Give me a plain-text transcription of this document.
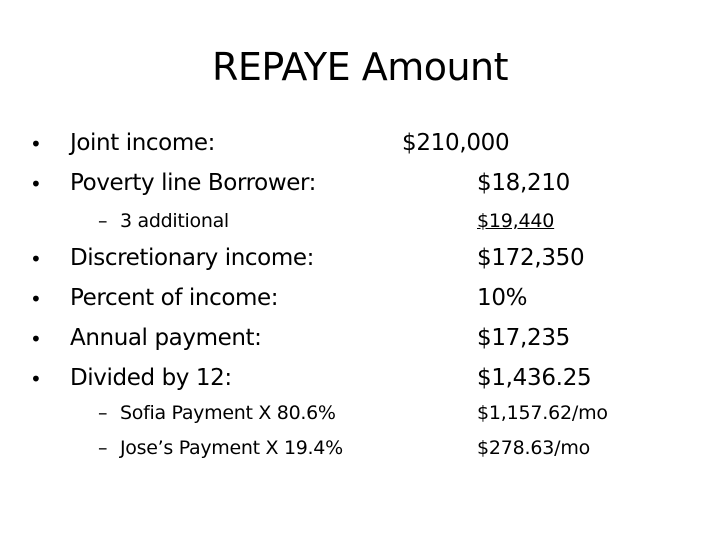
REPAYE Amount
• Joint income:	$210,000
• Poverty line Borrower:	$18,210
– 3 additional	$19,440
• Discretionary income:	$172,350
• Percent of income:	10%
• Annual payment:	$17,235
• Divided by 12:	$1,436.25
– Sofia Payment X 80.6%	$1,157.62/mo
– Jose’s Payment X 19.4%	$278.63/mo
